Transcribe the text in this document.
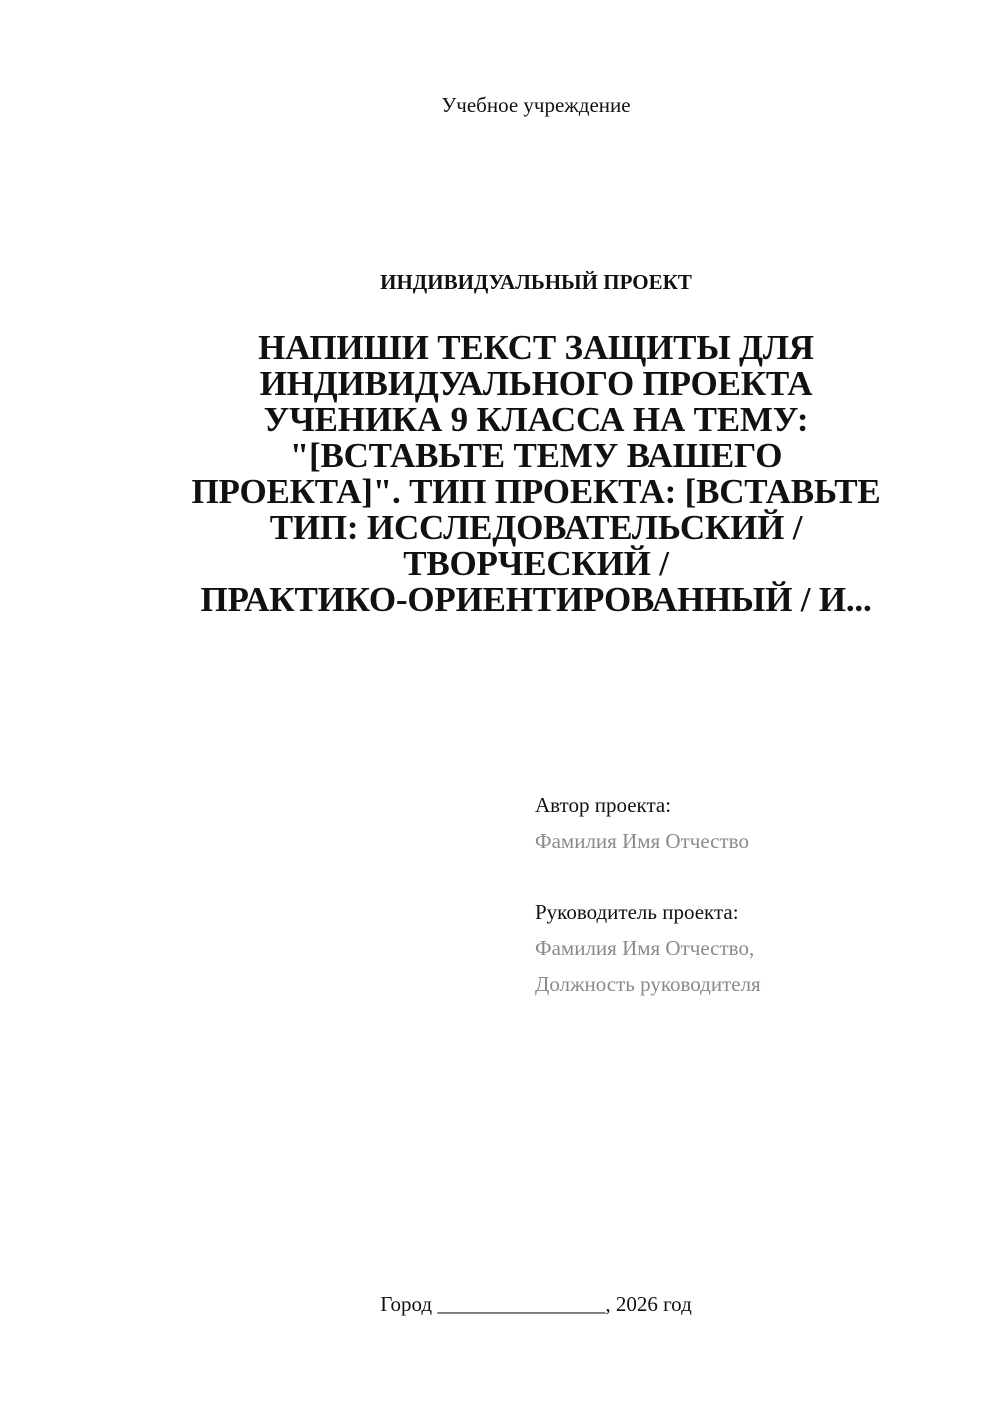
Учебное учреждение
ИНДИВИДУАЛЬНЫЙ ПРОЕКТ
НАПИШИ ТЕКСТ ЗАЩИТЫ ДЛЯ
ИНДИВИДУАЛЬНОГО ПРОЕКТА
УЧЕНИКА 9 КЛАССА НА ТЕМУ:
"[ВСТАВЬТЕ ТЕМУ ВАШЕГО
ПРОЕКТА]". ТИП ПРОЕКТА: [ВСТАВЬТЕ
ТИП: ИССЛЕДОВАТЕЛЬСКИЙ /
ТВОРЧЕСКИЙ /
ПРАКТИКО-ОРИЕНТИРОВАННЫЙ / И...
Автор проекта:
Фамилия Имя Отчество
Руководитель проекта:
Фамилия Имя Отчество,
Должность руководителя
Город ________________, 2026 год
